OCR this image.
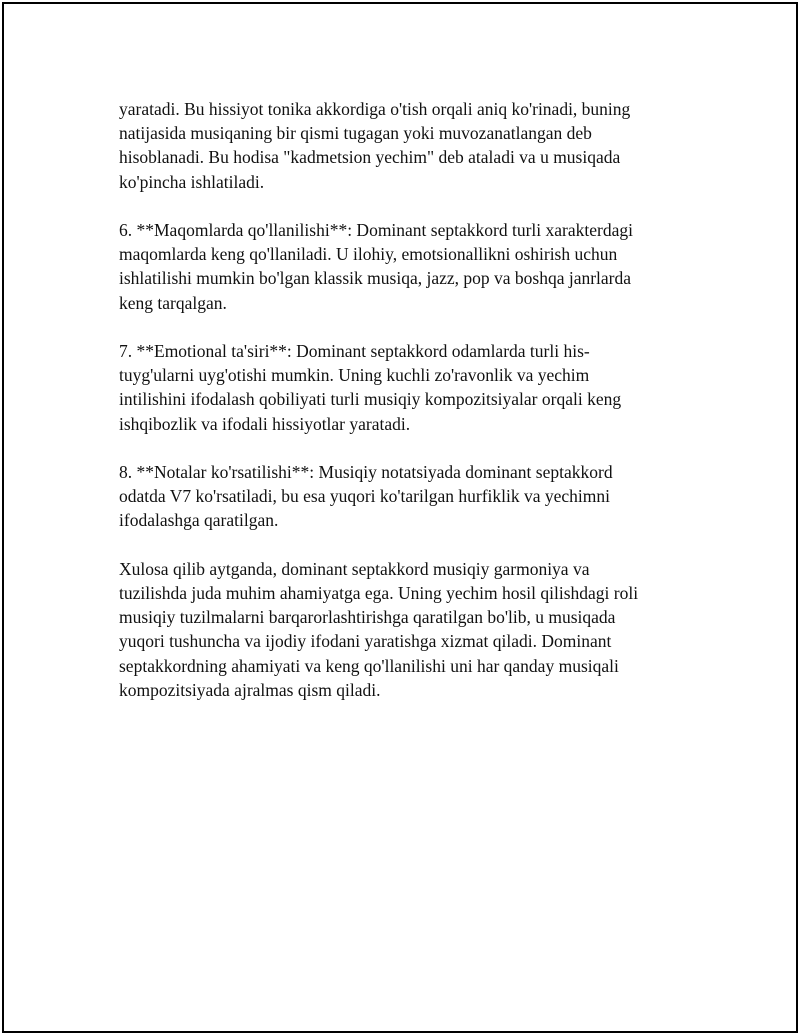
yaratadi. Bu hissiyot tonika akkordiga o'tish orqali aniq ko'rinadi, buning
natijasida musiqaning bir qismi tugagan yoki muvozanatlangan deb
hisoblanadi. Bu hodisa "kadmetsion yechim" deb ataladi va u musiqada
ko'pincha ishlatiladi.

6. **Maqomlarda qo'llanilishi**: Dominant septakkord turli xarakterdagi
maqomlarda keng qo'llaniladi. U ilohiy, emotsionallikni oshirish uchun
ishlatilishi mumkin bo'lgan klassik musiqa, jazz, pop va boshqa janrlarda
keng tarqalgan.

7. **Emotional ta'siri**: Dominant septakkord odamlarda turli his-
tuyg'ularni uyg'otishi mumkin. Uning kuchli zo'ravonlik va yechim
intilishini ifodalash qobiliyati turli musiqiy kompozitsiyalar orqali keng
ishqibozlik va ifodali hissiyotlar yaratadi.

8. **Notalar ko'rsatilishi**: Musiqiy notatsiyada dominant septakkord
odatda V7 ko'rsatiladi, bu esa yuqori ko'tarilgan hurfiklik va yechimni
ifodalashga qaratilgan.

Xulosa qilib aytganda, dominant septakkord musiqiy garmoniya va
tuzilishda juda muhim ahamiyatga ega. Uning yechim hosil qilishdagi roli
musiqiy tuzilmalarni barqarorlashtirishga qaratilgan bo'lib, u musiqada
yuqori tushuncha va ijodiy ifodani yaratishga xizmat qiladi. Dominant
septakkordning ahamiyati va keng qo'llanilishi uni har qanday musiqali
kompozitsiyada ajralmas qism qiladi.
